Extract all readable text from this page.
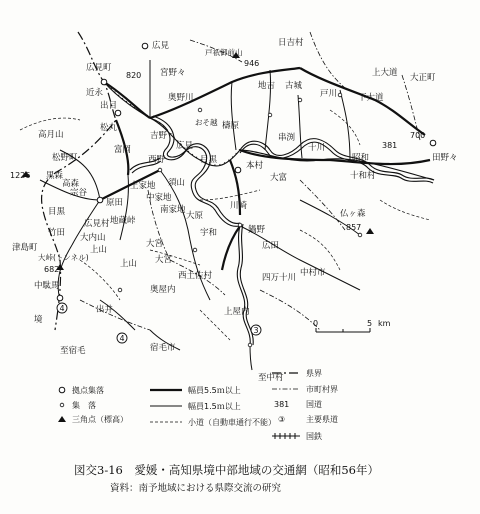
4
4
3
広見
広見町
820 宮野々
戸祇御前山
946
日吉村
近永
出目
奥野川
地吉 古城
戸川 下大道
上大道 大正町
松丸
吉野
おそ越 檮原
串渕
十川	381
昭和
700
田野々
高月山
松野町
富岡
西野
須山
本村
大富	十和村
1226 黒森
上家地
原田
地蔵峠
南家地
中家地
大原
川崎
鍋野
目黒
宗谷
広田
竹田
大宮
上山
仏ヶ森
857
広見村
大内山
大宮
宇和
津島町
大峠(トンネル)
682
中駄馬
境
出井
西土佐村
奥屋内
中村市
上屋内
四万十川
宿毛市
至宿毛
至中村
広見
高森
目黒
上山
0	5 km
拠点集落
集　落
三角点（標高）
幅員5.5ｍ以上
幅員1.5ｍ以上
小道（自動車通行不能）
県界
市町村界
381 国道
③	主要県道
国鉄
図交3-16　愛媛・高知県境中部地域の交通網（昭和56年）
資料：南予地域における県際交流の研究
